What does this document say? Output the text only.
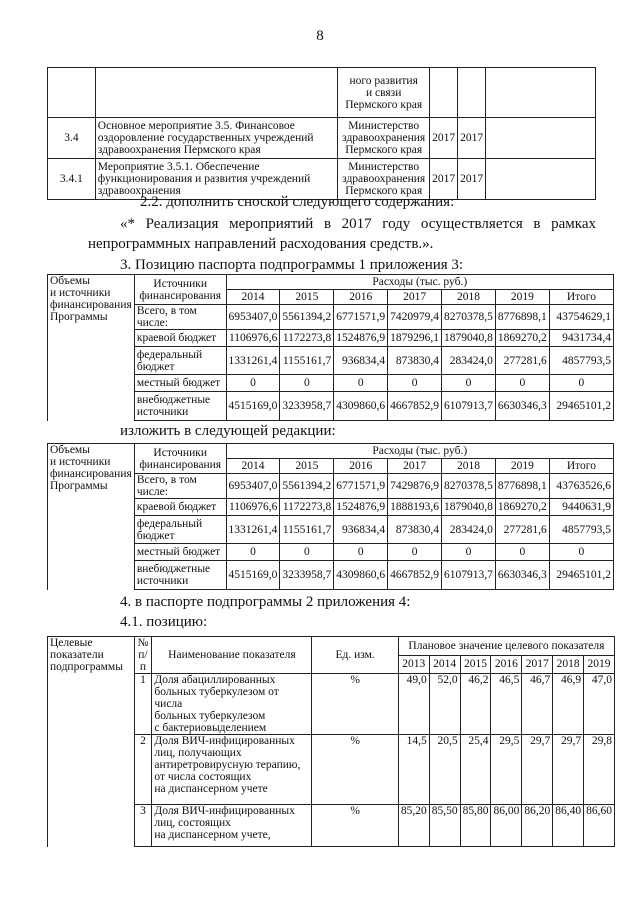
8
		ного развития
и связи
Пермского края			
3.4	Основное мероприятие 3.5. Финансовое оздоровление государственных учреждений здравоохранения Пермского края	Министерство здравоохранения Пермского края	2017	2017	
3.4.1	Мероприятие 3.5.1. Обеспечение функционирования и развития учреждений здравоохранения	Министерство здравоохранения Пермского края	2017	2017	

2.2. дополнить сноской следующего содержания:

«* Реализация мероприятий в 2017 году осуществляется в рамках

непрограммных направлений расходования средств.».

3. Позицию паспорта подпрограммы 1 приложения 3:

Объемы
и источники
финансирования
Программы	Источники
финансирования	Расходы (тыс. руб.)						
		2014	2015	2016	2017	2018	2019	Итого
	Всего, в том числе:	6953407,0	5561394,2	6771571,9	7420979,4	8270378,5	8776898,1	43754629,1
	краевой бюджет	1106976,6	1172273,8	1524876,9	1879296,1	1879040,8	1869270,2	9431734,4
	федеральный
бюджет	1331261,4	1155161,7	936834,4	873830,4	283424,0	277281,6	4857793,5
	местный бюджет	0	0	0	0	0	0	0
	внебюджетные
источники	4515169,0	3233958,7	4309860,6	4667852,9	6107913,7	6630346,3	29465101,2

изложить в следующей редакции:

Объемы
и источники
финансирования
Программы	Источники
финансирования	Расходы (тыс. руб.)						
		2014	2015	2016	2017	2018	2019	Итого
	Всего, в том числе:	6953407,0	5561394,2	6771571,9	7429876,9	8270378,5	8776898,1	43763526,6
	краевой бюджет	1106976,6	1172273,8	1524876,9	1888193,6	1879040,8	1869270,2	9440631,9
	федеральный
бюджет	1331261,4	1155161,7	936834,4	873830,4	283424,0	277281,6	4857793,5
	местный бюджет	0	0	0	0	0	0	0
	внебюджетные
источники	4515169,0	3233958,7	4309860,6	4667852,9	6107913,7	6630346,3	29465101,2

4. в паспорте подпрограммы 2 приложения 4:

4.1. позицию:

Целевые
показатели
подпрограммы	№
п/п	Наименование показателя	Ед. изм.	Плановое значение целевого показателя						
				2013	2014	2015	2016	2017	2018	2019
	1	Доля абациллированных
больных туберкулезом от числа
больных туберкулезом
с бактериовыделением	%	49,0	52,0	46,2	46,5	46,7	46,9	47,0
	2	Доля ВИЧ-инфицированных
лиц, получающих
антиретровирусную терапию,
от числа состоящих
на диспансерном учете	%	14,5	20,5	25,4	29,5	29,7	29,7	29,8
	3	Доля ВИЧ-инфицированных
лиц, состоящих
на диспансерном учете,	%	85,20	85,50	85,80	86,00	86,20	86,40	86,60
